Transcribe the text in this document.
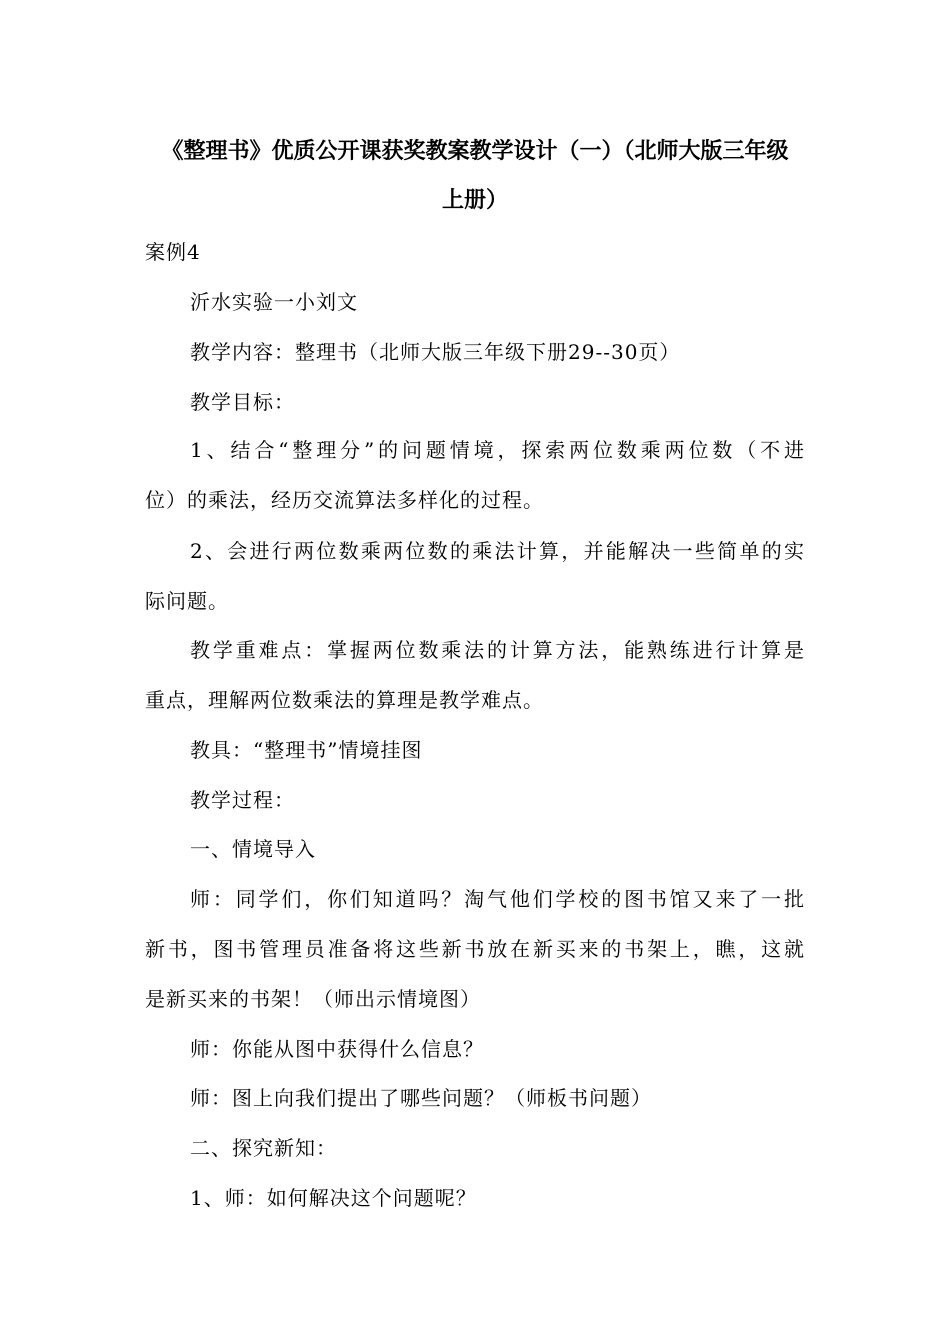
《整理书》优质公开课获奖教案教学设计（一）（北师大版三年级
上册）
案例4
沂水实验一小刘文
教学内容：整理书（北师大版三年级下册29--30页）
教学目标：
1、结合“整理分”的问题情境，探索两位数乘两位数（不进
位）的乘法，经历交流算法多样化的过程。
2、会进行两位数乘两位数的乘法计算，并能解决一些简单的实
际问题。
教学重难点：掌握两位数乘法的计算方法，能熟练进行计算是
重点，理解两位数乘法的算理是教学难点。
教具：“整理书”情境挂图
教学过程：
一、情境导入
师：同学们，你们知道吗？淘气他们学校的图书馆又来了一批
新书，图书管理员准备将这些新书放在新买来的书架上，瞧，这就
是新买来的书架！（师出示情境图）
师：你能从图中获得什么信息？
师：图上向我们提出了哪些问题？（师板书问题）
二、探究新知：
1、师：如何解决这个问题呢？
